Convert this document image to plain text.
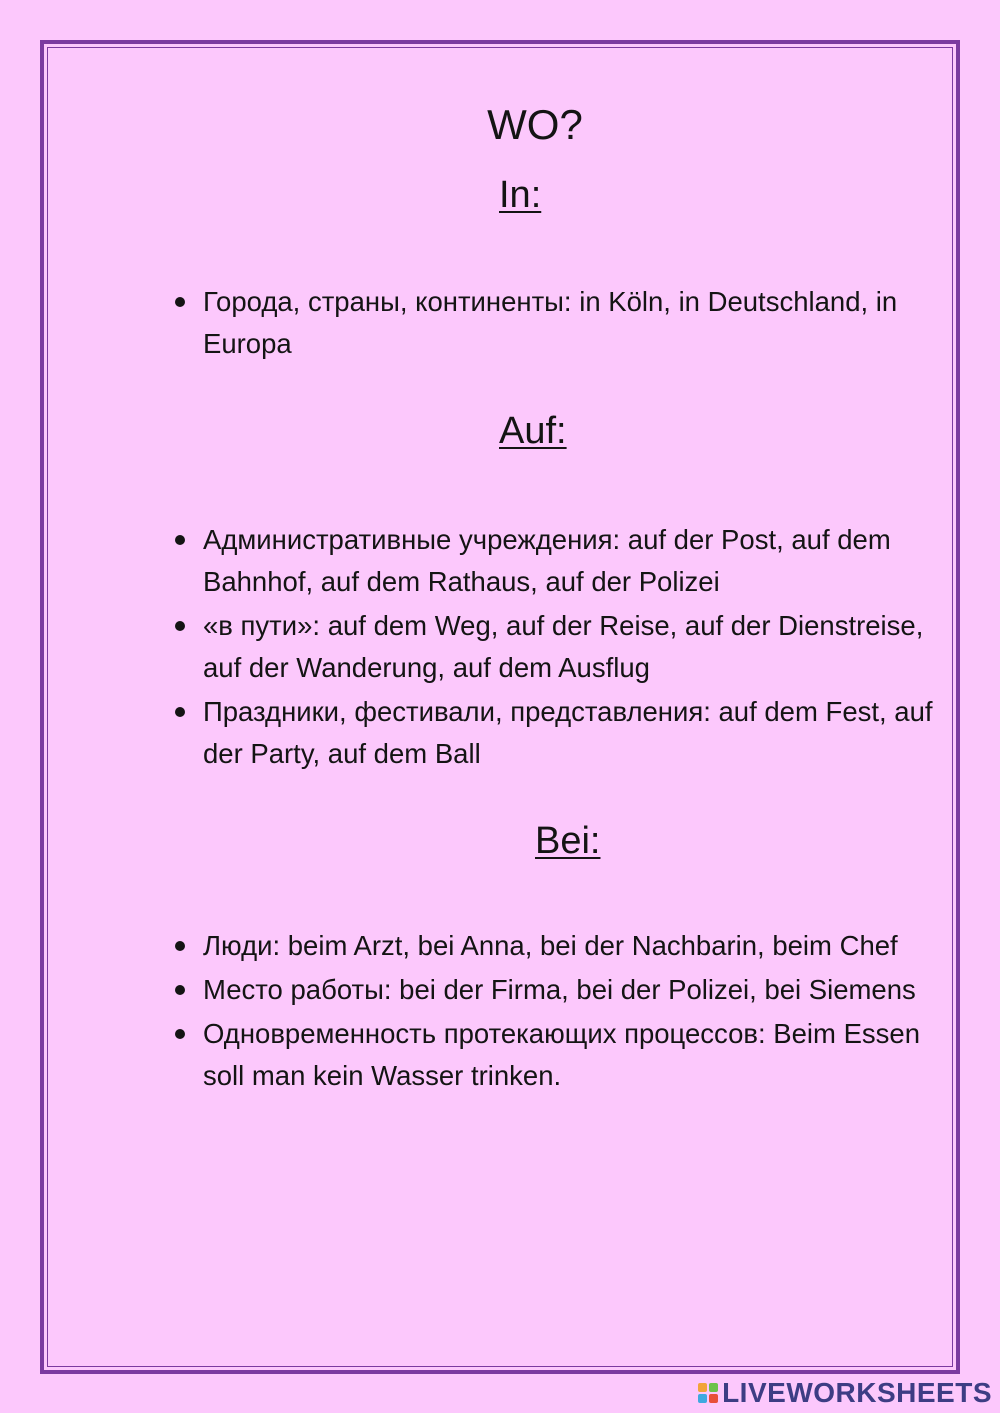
WO?
In:
Города, страны, континенты: in Köln, in Deutschland, in Europa
Auf:
Административные учреждения: auf der Post, auf dem Bahnhof, auf dem Rathaus, auf der Polizei
«в пути»: auf dem Weg, auf der Reise, auf der Dienstreise, auf der Wanderung, auf dem Ausflug
Праздники, фестивали, представления: auf dem Fest, auf der Party, auf dem Ball
Bei:
Люди: beim Arzt, bei Anna, bei der Nachbarin, beim Chef
Место работы: bei der Firma, bei der Polizei, bei Siemens
Одновременность протекающих процессов: Beim Essen soll man kein Wasser trinken.
LIVEWORKSHEETS
